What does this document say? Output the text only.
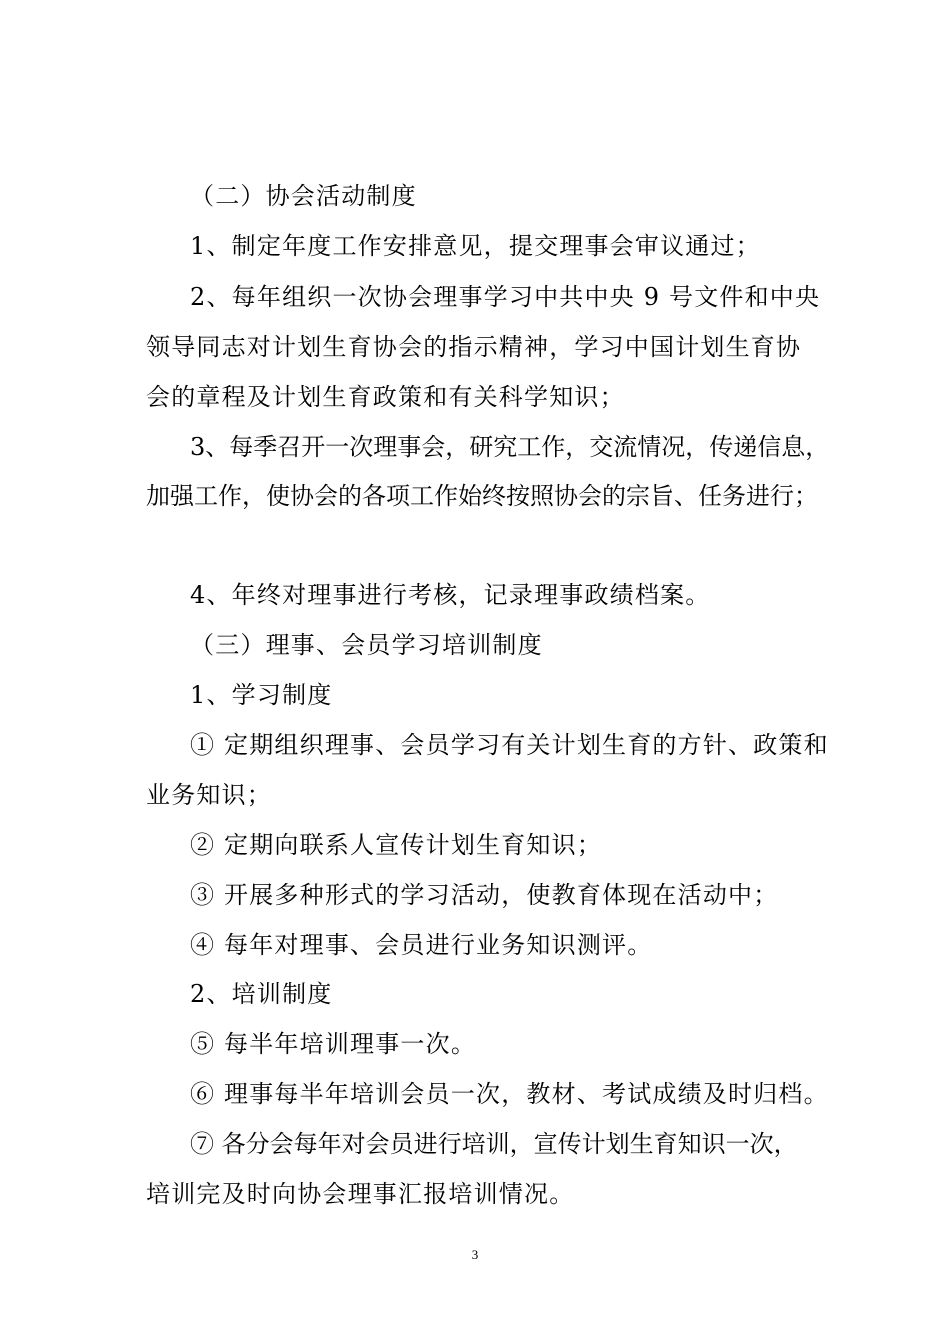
（二）协会活动制度
1、制定年度工作安排意见，提交理事会审议通过；
2、每年组织一次协会理事学习中共中央 9 号文件和中央
领导同志对计划生育协会的指示精神，学习中国计划生育协
会的章程及计划生育政策和有关科学知识；
3、每季召开一次理事会，研究工作，交流情况，传递信息，
加强工作，使协会的各项工作始终按照协会的宗旨、任务进行；
4、年终对理事进行考核，记录理事政绩档案。
（三）理事、会员学习培训制度
1、学习制度
① 定期组织理事、会员学习有关计划生育的方针、政策和
业务知识；
② 定期向联系人宣传计划生育知识；
③ 开展多种形式的学习活动，使教育体现在活动中；
④ 每年对理事、会员进行业务知识测评。
2、培训制度
⑤ 每半年培训理事一次。
⑥ 理事每半年培训会员一次，教材、考试成绩及时归档。
⑦ 各分会每年对会员进行培训，宣传计划生育知识一次，
培训完及时向协会理事汇报培训情况。
3
